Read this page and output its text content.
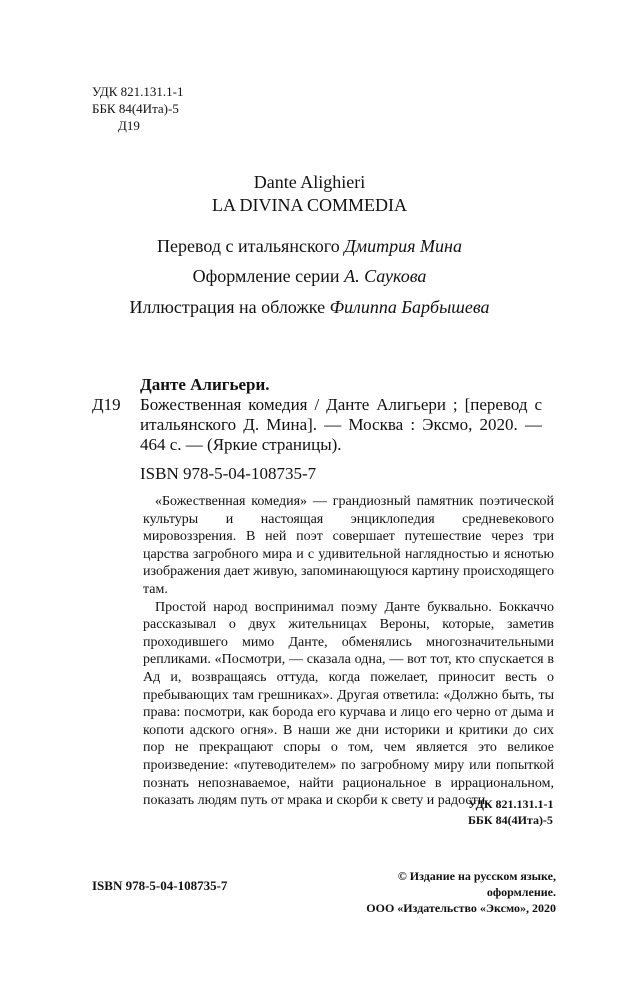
УДК 821.131.1-1
ББК 84(4Ита)-5
Д19
Dante Alighieri
LA DIVINA COMMEDIA
Перевод с итальянского Дмитрия Мина
Оформление серии А. Саукова
Иллюстрация на обложке Филиппа Барбышева
Данте Алигьери.
Д19	Божественная комедия / Данте Алигьери ; [перевод с итальянского Д. Мина]. — Москва : Эксмо, 2020. — 464 с. — (Яркие страницы).
ISBN 978-5-04-108735-7

«Божественная комедия» — грандиозный памятник поэтической культуры и настоящая энциклопедия средневекового мировоззрения. В ней поэт совершает путешествие через три царства загробного мира и с удивительной наглядностью и яснотью изображения дает живую, запоминающуюся картину происходящего там.

Простой народ воспринимал поэму Данте буквально. Боккаччо рассказывал о двух жительницах Вероны, которые, заметив проходившего мимо Данте, обменялись многозначительными репликами. «Посмотри, — сказала одна, — вот тот, кто спускается в Ад и, возвращаясь оттуда, когда пожелает, приносит весть о пребывающих там грешниках». Другая ответила: «Должно быть, ты права: посмотри, как борода его курчава и лицо его черно от дыма и копоти адского огня». В наши же дни историки и критики до сих пор не прекращают споры о том, чем является это великое произведение: «путеводителем» по загробному миру или попыткой познать непознаваемое, найти рациональное в иррациональном, показать людям путь от мрака и скорби к свету и радости.

УДК 821.131.1-1
ББК 84(4Ита)-5
ISBN 978-5-04-108735-7
© Издание на русском языке, оформление.
ООО «Издательство «Эксмо», 2020
